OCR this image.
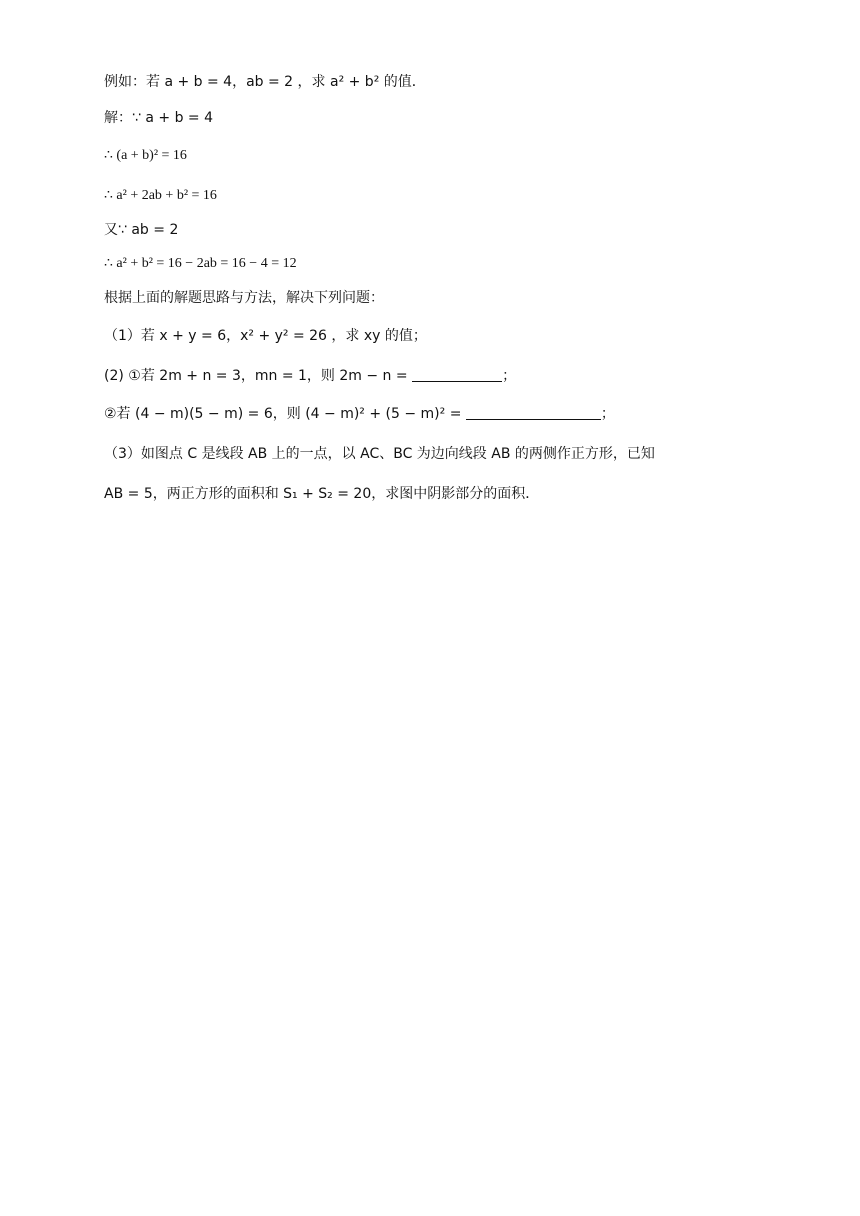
例如：若 a + b = 4，ab = 2 ，求 a² + b² 的值．
解：∵ a + b = 4
∴ (a + b)² = 16
∴ a² + 2ab + b² = 16
又∵ ab = 2
∴ a² + b² = 16 − 2ab = 16 − 4 = 12
根据上面的解题思路与方法，解决下列问题：
（1）若 x + y = 6，x² + y² = 26 ，求 xy 的值；
(2) ①若 2m + n = 3，mn = 1，则 2m − n =	；
②若 (4 − m)(5 − m) = 6，则 (4 − m)² + (5 − m)² =	；
（3）如图点 C 是线段 AB 上的一点，以 AC、BC 为边向线段 AB 的两侧作正方形，已知
AB = 5，两正方形的面积和 S₁ + S₂ = 20，求图中阴影部分的面积．
